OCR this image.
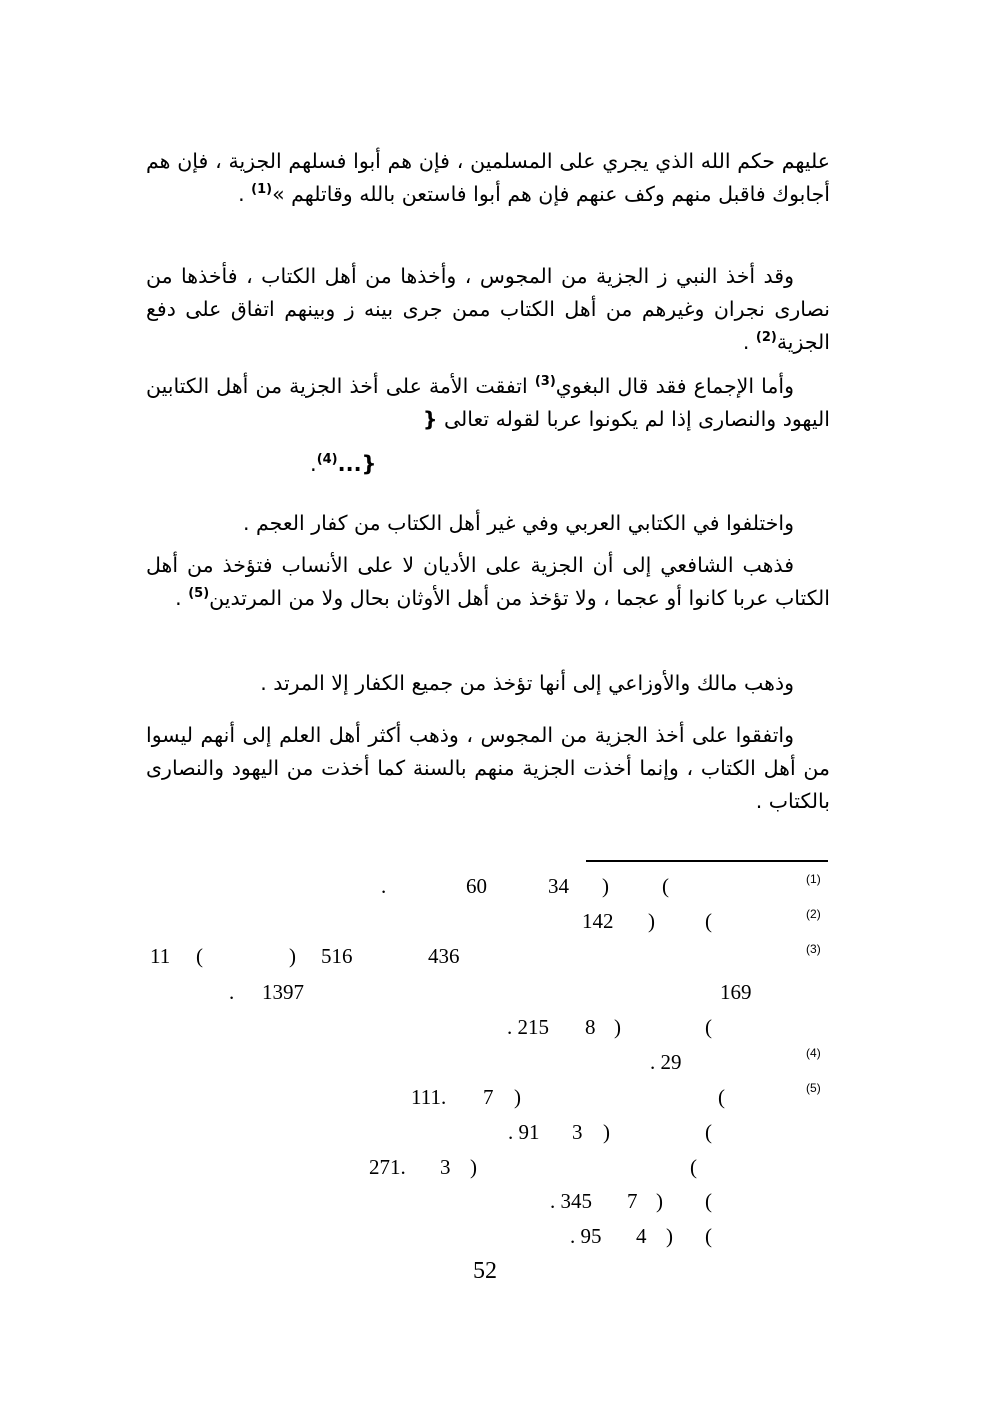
عليهم حكم الله الذي يجري على المسلمين ، فإن هم أبوا فسلهم الجزية ، فإن هم أجابوك فاقبل منهم وكف عنهم فإن هم أبوا فاستعن بالله وقاتلهم »$^{(1)}$ .

وقد أخذ النبي ز الجزية من المجوس ، وأخذها من أهل الكتاب ، فأخذها من نصارى نجران وغيرهم من أهل الكتاب ممن جرى بينه ز وبينهم اتفاق على دفع الجزية$^{(2)}$ .

وأما الإجماع فقد قال البغوي$^{(3)}$ اتفقت الأمة على أخذ الجزية من أهل الكتابين اليهود والنصارى إذا لم يكونوا عربا لقوله تعالى {

.$^{(4)}$...}

واختلفوا في الكتابي العربي وفي غير أهل الكتاب من كفار العجم .

فذهب الشافعي إلى أن الجزية على الأديان لا على الأنساب فتؤخذ من أهل الكتاب عربا كانوا أو عجما ، ولا تؤخذ من أهل الأوثان بحال ولا من المرتدين$^{(5)}$ .

وذهب مالك والأوزاعي إلى أنها تؤخذ من جميع الكفار إلا المرتد .

واتفقوا على أخذ الجزية من المجوس ، وذهب أكثر أهل العلم إلى أنهم ليسوا من أهل الكتاب ، وإنما أخذت الجزية منهم بالسنة كما أخذت من اليهود والنصارى بالكتاب .

(1)
(2)
(3)
(4)
(5)
)
(
34
60
.
)
(
142
436
516
(
)
11
169
1397
.
)
(
8
215 .
29 .
)
(
7
.111
)
(
3
91 .
)
(
3
.271
)
(
7
345 .
)
(
4
95 .
52
